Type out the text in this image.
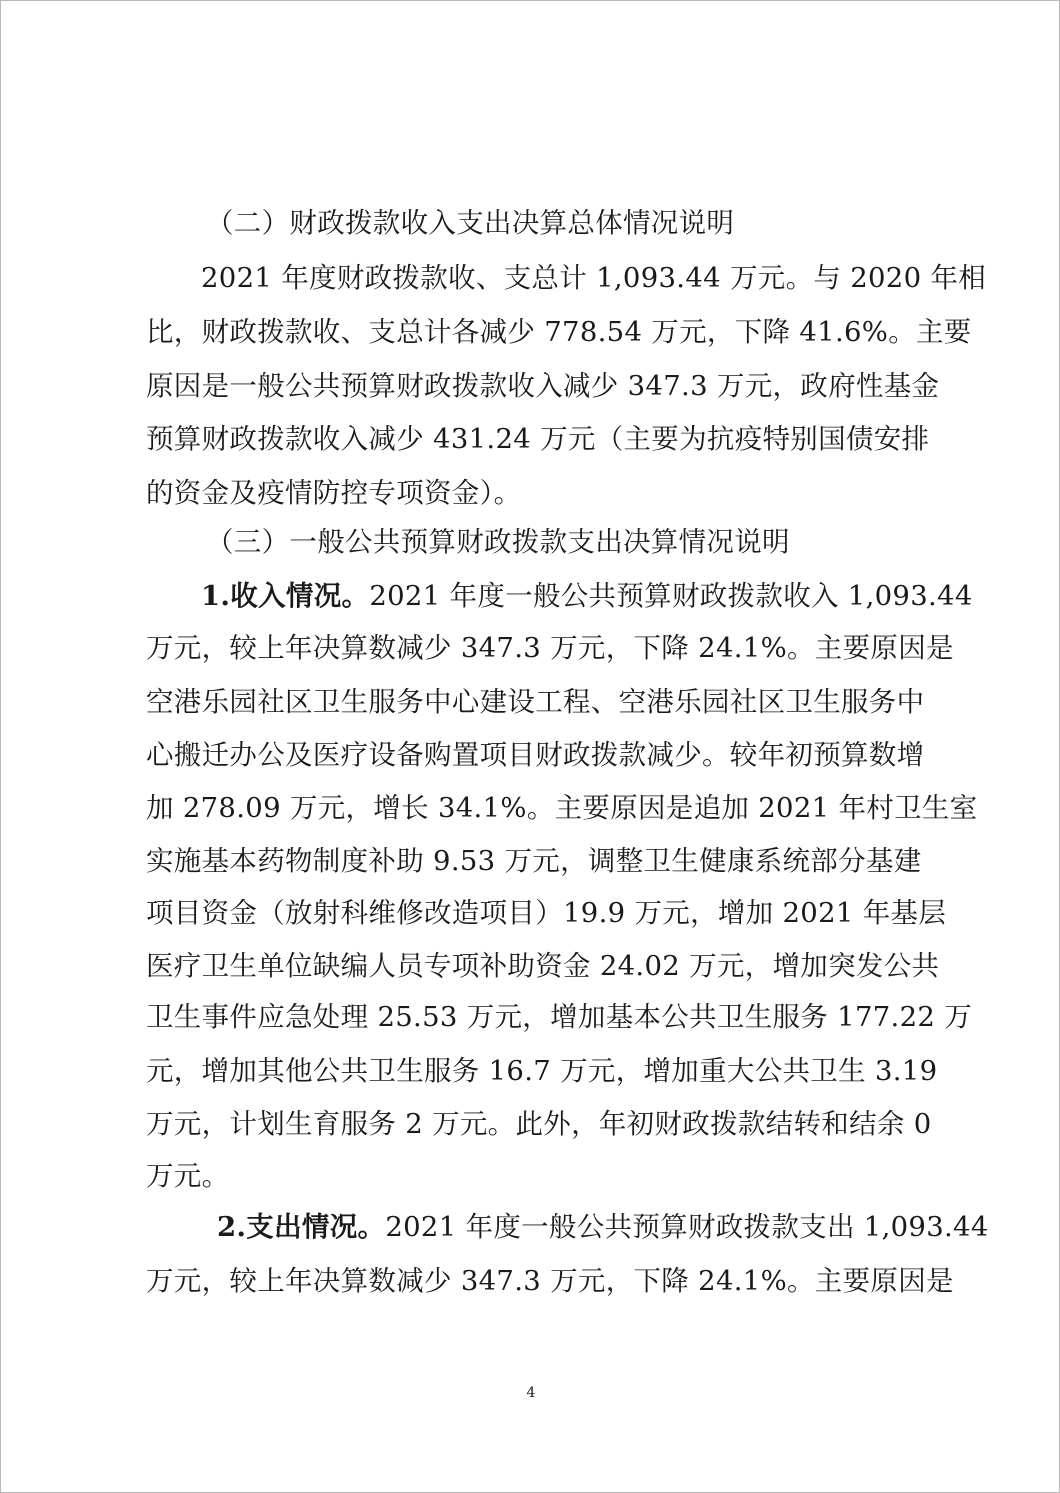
（二）财政拨款收入支出决算总体情况说明
2021 年度财政拨款收、支总计 1,093.44 万元。与 2020 年相
比，财政拨款收、支总计各减少 778.54 万元，下降 41.6%。主要
原因是一般公共预算财政拨款收入减少 347.3 万元，政府性基金
预算财政拨款收入减少 431.24 万元（主要为抗疫特别国债安排
的资金及疫情防控专项资金）。
（三）一般公共预算财政拨款支出决算情况说明
1.收入情况。2021 年度一般公共预算财政拨款收入 1,093.44
万元，较上年决算数减少 347.3 万元，下降 24.1%。主要原因是
空港乐园社区卫生服务中心建设工程、空港乐园社区卫生服务中
心搬迁办公及医疗设备购置项目财政拨款减少。较年初预算数增
加 278.09 万元，增长 34.1%。主要原因是追加 2021 年村卫生室
实施基本药物制度补助 9.53 万元，调整卫生健康系统部分基建
项目资金（放射科维修改造项目）19.9 万元，增加 2021 年基层
医疗卫生单位缺编人员专项补助资金 24.02 万元，增加突发公共
卫生事件应急处理 25.53 万元，增加基本公共卫生服务 177.22 万
元，增加其他公共卫生服务 16.7 万元，增加重大公共卫生 3.19
万元，计划生育服务 2 万元。此外，年初财政拨款结转和结余 0
万元。
2.支出情况。2021 年度一般公共预算财政拨款支出 1,093.44
万元，较上年决算数减少 347.3 万元，下降 24.1%。主要原因是
4
